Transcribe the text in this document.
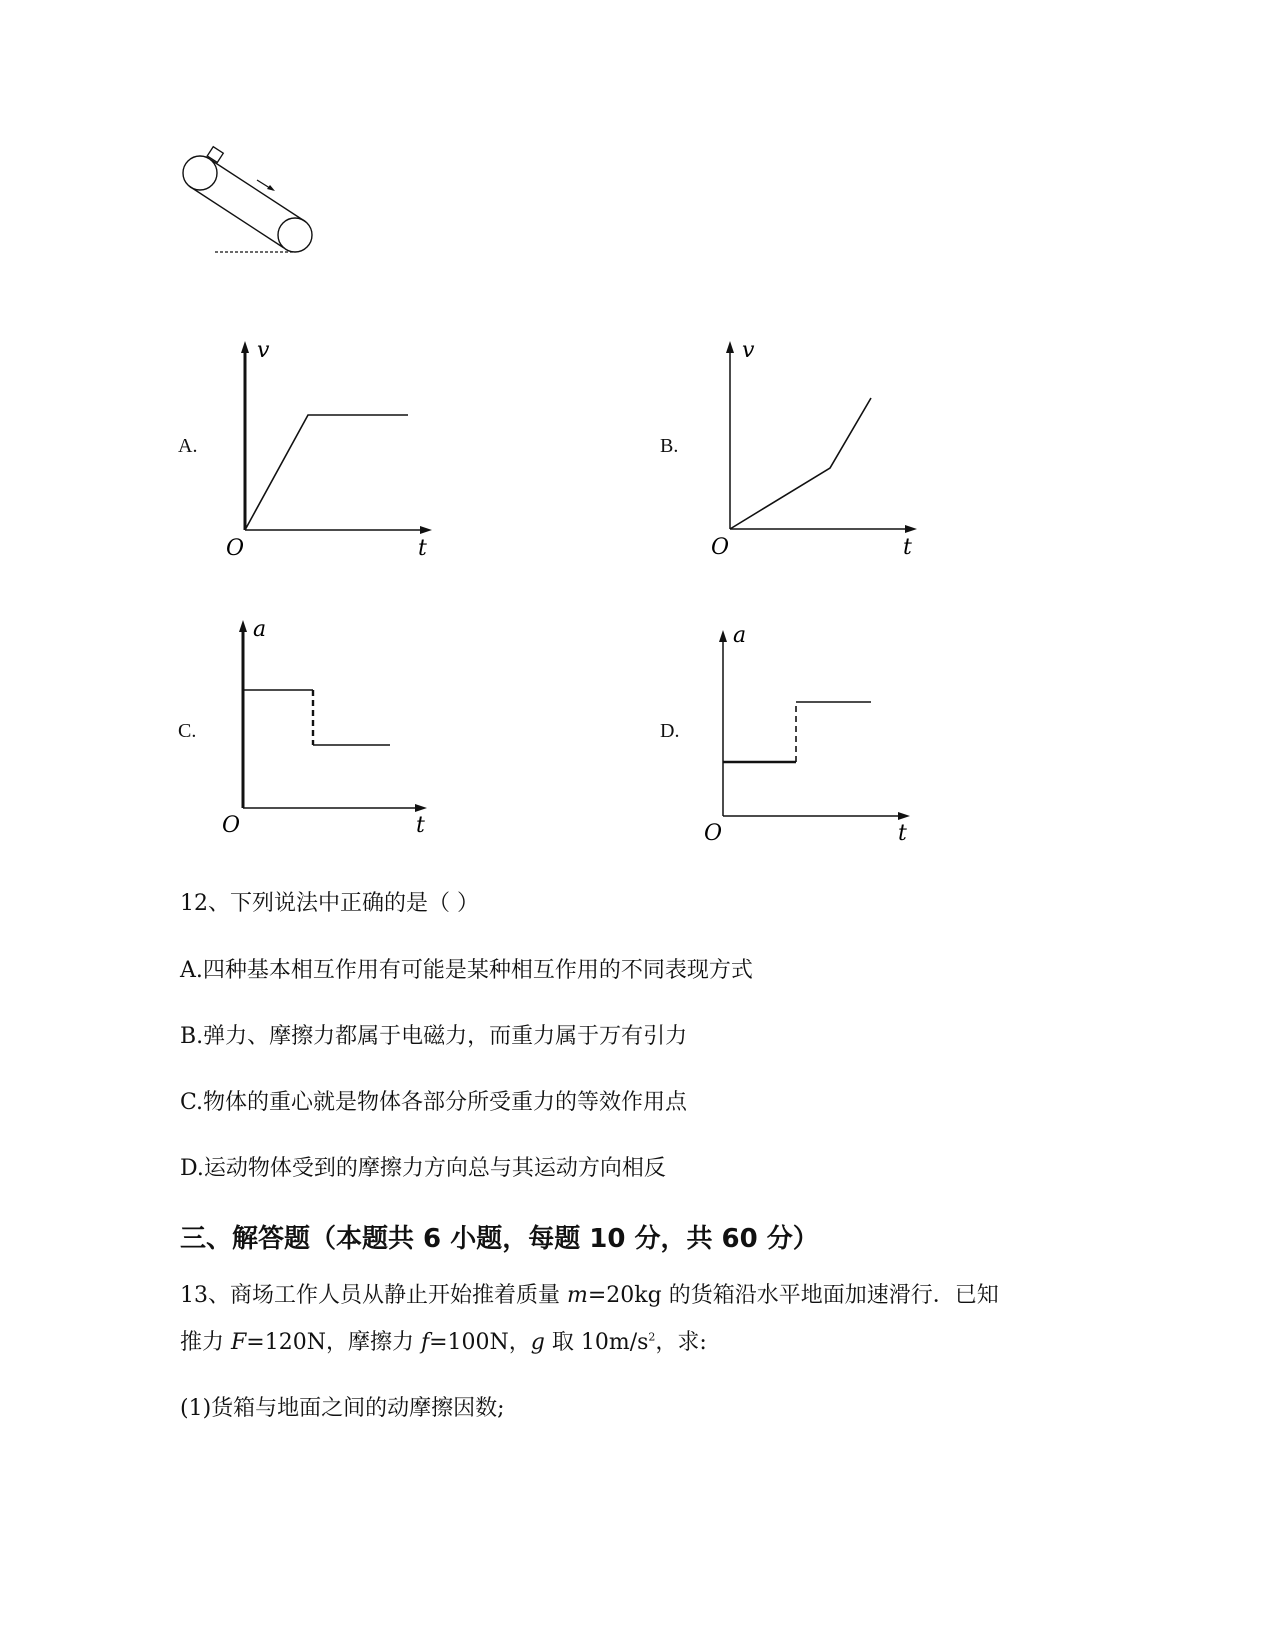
A.
v
t
O
B.
v
t
O
C.
a
t
O
D.
a
t
O
12、下列说法中正确的是（ ）
A.四种基本相互作用有可能是某种相互作用的不同表现方式
B.弹力、摩擦力都属于电磁力，而重力属于万有引力
C.物体的重心就是物体各部分所受重力的等效作用点
D.运动物体受到的摩擦力方向总与其运动方向相反
三、解答题（本题共 6 小题，每题 10 分，共 60 分）
13、商场工作人员从静止开始推着质量 m=20kg 的货箱沿水平地面加速滑行．已知
推力 F=120N，摩擦力 f=100N，g 取 $10m/s^2$，求:
(1)货箱与地面之间的动摩擦因数;
